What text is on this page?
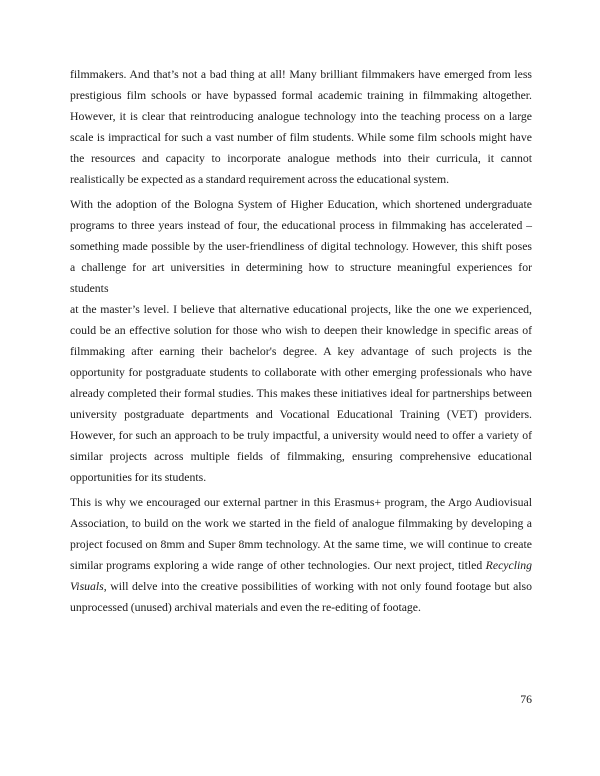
filmmakers. And that’s not a bad thing at all! Many brilliant filmmakers have emerged from less
prestigious film schools or have bypassed formal academic training in filmmaking altogether.
However, it is clear that reintroducing analogue technology into the teaching process on a large
scale is impractical for such a vast number of film students. While some film schools might have
the resources and capacity to incorporate analogue methods into their curricula, it cannot
realistically be expected as a standard requirement across the educational system.

With the adoption of the Bologna System of Higher Education, which shortened undergraduate
programs to three years instead of four, the educational process in filmmaking has accelerated –
something made possible by the user-friendliness of digital technology. However, this shift poses
a challenge for art universities in determining how to structure meaningful experiences for students
at the master’s level. I believe that alternative educational projects, like the one we experienced,
could be an effective solution for those who wish to deepen their knowledge in specific areas of
filmmaking after earning their bachelor's degree. A key advantage of such projects is the
opportunity for postgraduate students to collaborate with other emerging professionals who have
already completed their formal studies. This makes these initiatives ideal for partnerships between
university postgraduate departments and Vocational Educational Training (VET) providers.
However, for such an approach to be truly impactful, a university would need to offer a variety of
similar projects across multiple fields of filmmaking, ensuring comprehensive educational
opportunities for its students.

This is why we encouraged our external partner in this Erasmus+ program, the Argo Audiovisual
Association, to build on the work we started in the field of analogue filmmaking by developing a
project focused on 8mm and Super 8mm technology. At the same time, we will continue to create
similar programs exploring a wide range of other technologies. Our next project, titled Recycling
Visuals, will delve into the creative possibilities of working with not only found footage but also
unprocessed (unused) archival materials and even the re-editing of footage.

76
